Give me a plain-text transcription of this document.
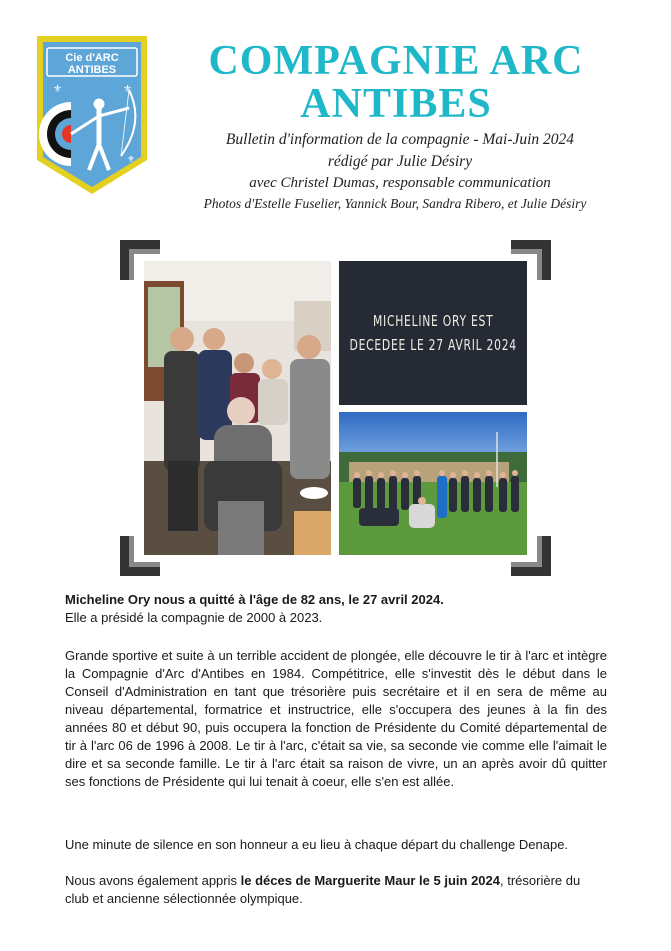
Cie d'ARC
ANTIBES
⚜	⚜
⚜
COMPAGNIE ARC
ANTIBES
Bulletin d'information de la compagnie - Mai-Juin 2024
rédigé par Julie Désiry
avec Christel Dumas, responsable communication
Photos d'Estelle Fuselier, Yannick Bour, Sandra Ribero, et Julie Désiry
MICHELINE ORY EST
DECEDEE LE 27 AVRIL 2024
Micheline Ory nous a quitté à l'âge de 82 ans, le 27 avril 2024.
Elle a présidé la compagnie de 2000 à 2023.
Grande sportive et suite à un terrible accident de plongée, elle découvre le tir à l'arc et intègre la Compagnie d'Arc d'Antibes en 1984. Compétitrice, elle s'investit dès le début dans le Conseil d'Administration en tant que trésorière puis secrétaire et il en sera de même au niveau départemental, formatrice et instructrice, elle s'occupera des jeunes à la fin des années 80 et début 90, puis occupera la fonction de Présidente du Comité départemental de tir à l'arc 06 de 1996 à 2008. Le tir à l'arc, c'était sa vie, sa seconde vie comme elle l'aimait le dire et sa seconde famille. Le tir à l'arc était sa raison de vivre, un an après avoir dû quitter ses fonctions de Présidente qui lui tenait à coeur, elle s'en est allée.
Une minute de silence en son honneur a eu lieu à chaque départ du challenge Denape.
Nous avons également appris le déces de Marguerite Maur le 5 juin 2024, trésorière du club et ancienne sélectionnée olympique.
